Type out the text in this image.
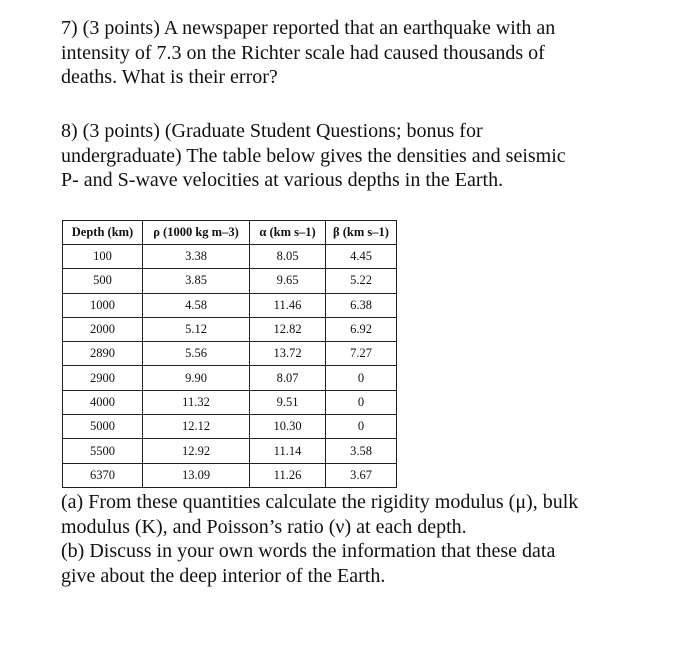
7) (3 points) A newspaper reported that an earthquake with an
intensity of 7.3 on the Richter scale had caused thousands of
deaths. What is their error?
8) (3 points) (Graduate Student Questions; bonus for
undergraduate) The table below gives the densities and seismic
P- and S-wave velocities at various depths in the Earth.
Depth (km)	ρ (1000 kg m–3)	α (km s–1)	β (km s–1)
100	3.38	8.05	4.45
500	3.85	9.65	5.22
1000	4.58	11.46	6.38
2000	5.12	12.82	6.92
2890	5.56	13.72	7.27
2900	9.90	8.07	0
4000	11.32	9.51	0
5000	12.12	10.30	0
5500	12.92	11.14	3.58
6370	13.09	11.26	3.67
(a) From these quantities calculate the rigidity modulus (μ), bulk
modulus (K), and Poisson’s ratio (ν) at each depth.
(b) Discuss in your own words the information that these data
give about the deep interior of the Earth.
